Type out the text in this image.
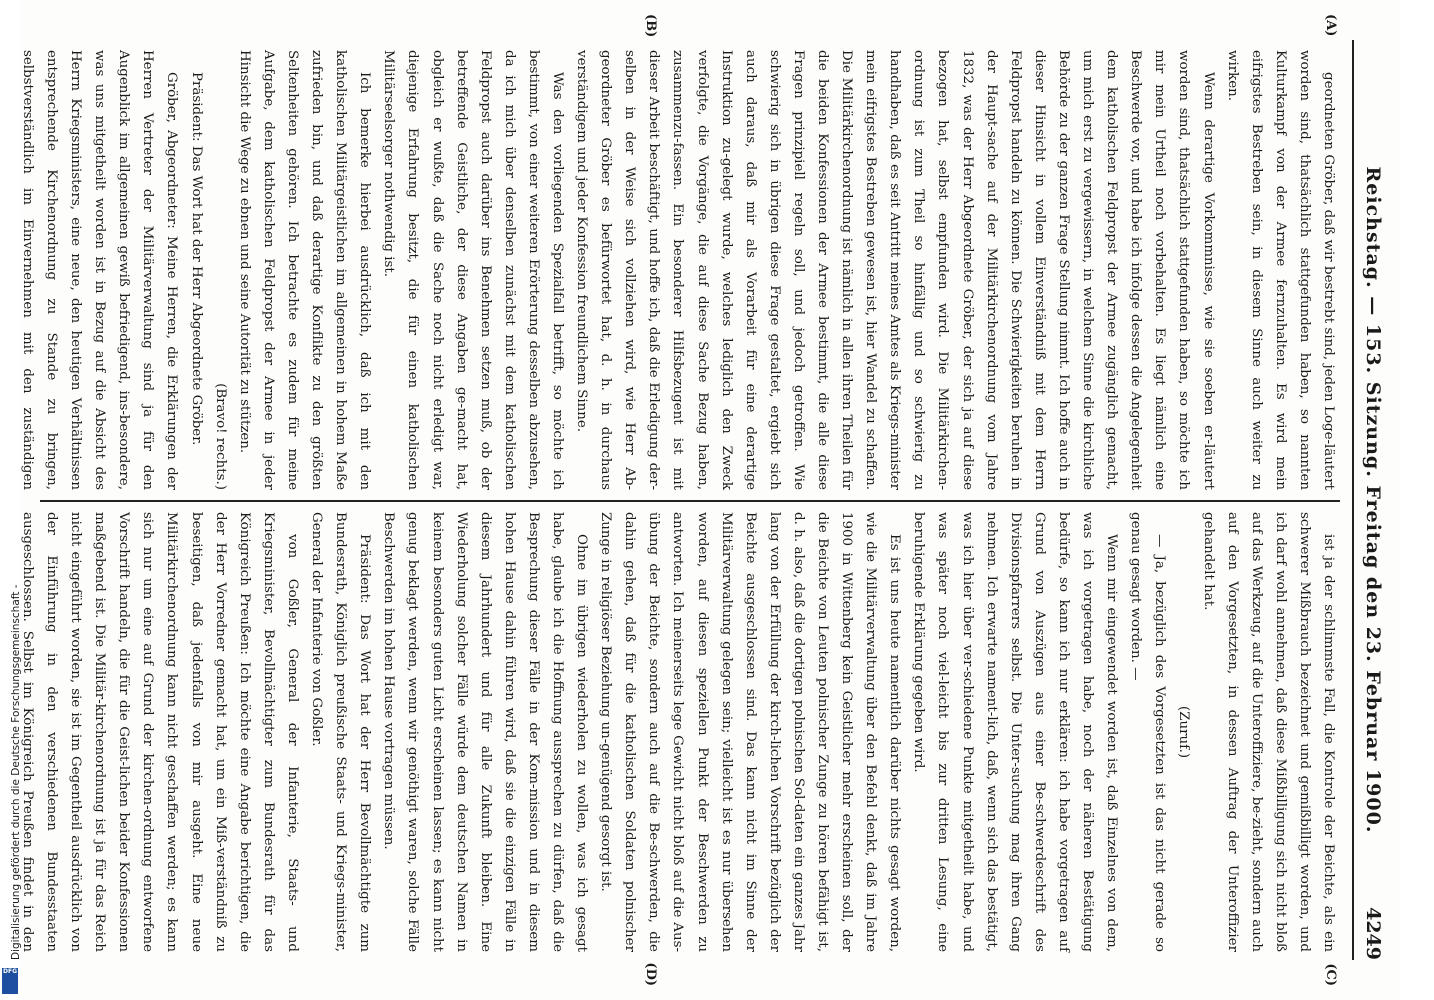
Reichstag. — 153. Sitzung. Freitag den 23. Februar 1900.
4249
(A)
(B)
(C)
(D)

geordneten Gröber, daß wir bestrebt sind, jeden Loge-läutert worden sind, thatsächlich stattgefunden haben, so nannten Kulturkampf von der Armee fernzuhalten. Es wird mein eifrigstes Bestreben sein, in diesem Sinne auch weiter zu wirken.

Wenn derartige Vorkommnisse, wie sie soeben er-läutert worden sind, thatsächlich stattgefunden haben, so möchte ich mir mein Urtheil noch vorbehalten. Es liegt nämlich eine Beschwerde vor, und habe ich infolge dessen die Angelegenheit dem katholischen Feldpropst der Armee zugänglich gemacht, um mich erst zu vergewissern, in welchem Sinne die kirchliche Behörde zu der ganzen Frage Stellung nimmt. Ich hoffe auch in dieser Hinsicht in vollem Einverständniß mit dem Herrn Feldpropst handeln zu können. Die Schwierigkeiten beruhen in der Haupt-sache auf der Militärkirchenordnung vom Jahre 1832, was der Herr Abgeordnete Gröber, der sich ja auf diese bezogen hat, selbst empfunden wird. Die Militärkirchen-ordnung ist zum Theil so hinfällig und so schwierig zu handhaben, daß es seit Antritt meines Amtes als Kriegs-minister mein eifrigstes Bestreben gewesen ist, hier Wandel zu schaffen. Die Militärkirchenordnung ist nämlich in allen ihren Theilen für die beiden Konfessionen der Armee bestimmt, die alle diese Fragen prinzipiell regeln soll, und jedoch getroffen. Wie schwierig sich in übrigen diese Frage gestaltet, ergiebt sich auch daraus, daß mir als Vorarbeit für eine derartige Instruktion zu-gelegt wurde, welches lediglich den Zweck verfolgte, die Vorgänge, die auf diese Sache Bezug haben, zusammenzu-fassen. Ein besonderer Hilfsbezugent ist mit dieser Arbeit beschäftigt, und hoffe ich, daß die Erledigung der-selben in der Weise sich vollziehen wird, wie Herr Ab-geordneter Gröber es befürwortet hat, d. h. in durchaus verständigem und jeder Konfession freundlichem Sinne.

Was den vorliegenden Spezialfall betrifft, so möchte ich bestimmt, von einer weiteren Erörterung desselben abzusehen, da ich mich über denselben zunächst mit dem katholischen Feldpropst auch darüber ins Benehmen setzen muß, ob der betreffende Geistliche, der diese Angaben ge-macht hat, obgleich er wußte, daß die Sache noch nicht erledigt war, diejenige Erfahrung besitzt, die für einen katholischen Militärseelsorger nothwendig ist.

Ich bemerke hierbei ausdrücklich, daß ich mit den katholischen Militärgeistlichen im allgemeinen in hohem Maße zufrieden bin, und daß derartige Konflikte zu den größten Seltenheiten gehören. Ich betrachte es zudem für meine Aufgabe, dem katholischen Feldpropst der Armee in jeder Hinsicht die Wege zu ebnen und seine Autorität zu stützen.

(Bravo! rechts.)

Präsident: Das Wort hat der Herr Abgeordnete Gröber.

Gröber, Abgeordneter: Meine Herren, die Erklärungen der Herren Vertreter der Militärverwaltung sind ja für den Augenblick im allgemeinen gewiß befriedigend, ins-besondere, was uns mitgetheilt worden ist in Bezug auf die Absicht des Herrn Kriegsministers, eine neue, den heutigen Verhältnissen entsprechende Kirchenordnung zu Stande zu bringen, selbstverständlich im Einvernehmen mit den zuständigen

ist ja der schlimmste Fall, die Kontrole der Beichte, als ein schwerer Mißbrauch bezeichnet und gemißbilligt worden, und ich darf wohl annehmen, daß diese Mißbilligung sich nicht bloß auf das Werkzeug, auf die Unteroffiziere, be-zieht, sondern auch auf den Vorgesetzten, in dessen Auftrag der Unteroffizier gehandelt hat.

(Zuruf.)

— Ja, bezüglich des Vorgesetzten ist das nicht gerade so genau gesagt worden. —

Wenn mir eingewendet worden ist, daß Einzelnes von dem, was ich vorgetragen habe, noch der näheren Bestätigung bedürfe, so kann ich nur erklären: ich habe vorgetragen auf Grund von Auszügen aus einer Be-schwerdeschrift des Divisionspfarrers selbst. Die Unter-suchung mag ihren Gang nehmen. Ich erwarte nament-lich, daß, wenn sich das bestätigt, was ich hier über ver-schiedene Punkte mitgetheilt habe, und was später noch viel-leicht bis zur dritten Lesung, eine beruhigende Erklärung gegeben wird.

Es ist uns heute namentlich darüber nichts gesagt worden, wie die Militärverwaltung über den Befehl denkt, daß im Jahre 1900 in Wittenberg kein Geistlicher mehr erscheinen soll, der die Beichte von Leuten polnischer Zunge zu hören befähigt ist, d. h. also, daß die dortigen polnischen Sol-daten ein ganzes Jahr lang von der Erfüllung der kirch-lichen Vorschrift bezüglich der Beichte ausgeschlossen sind. Das kann nicht im Sinne der Militärverwaltung gelegen sein; vielleicht ist es nur übersehen worden, auf diesen speziellen Punkt der Beschwerden zu antworten. Ich meinerseits lege Gewicht nicht bloß auf die Aus-übung der Beichte, sondern auch auf die Be-schwerden, die dahin gehen, daß für die katholischen Soldaten polnischer Zunge in religiöser Beziehung un-genügend gesorgt ist.

Ohne im übrigen wiederholen zu wollen, was ich gesagt habe, glaube ich die Hoffnung aussprechen zu dürfen, daß die Besprechung dieser Fälle in der Kom-mission und in diesem hohen Hause dahin führen wird, daß sie die einzigen Fälle in diesem Jahrhundert und für alle Zukunft bleiben. Eine Wiederholung solcher Fälle würde dem deutschen Namen in keinem besonders guten Licht erscheinen lassen; es kann nicht genug beklagt werden, wenn wir genöthigt waren, solche Fälle Beschwerden im hohen Hause vortragen müssen.

Präsident: Das Wort hat der Herr Bevollmächtigte zum Bundesrath, Königlich preußische Staats- und Kriegs-minister, General der Infanterie von Goßler.

von Goßler, General der Infanterie, Staats- und Kriegsminister, Bevollmächtigter zum Bundesrath für das Königreich Preußen: Ich möchte eine Angabe berichtigen, die der Herr Vorredner gemacht hat, um ein Miß-verständniß zu beseitigen, daß jedenfalls von mir ausgeht. Eine neue Militärkirchenordnung kann nicht geschaffen werden; es kann sich nur um eine auf Grund der kirchen-ordnung entworfene Vorschrift handeln, die für die Geist-lichen beider Konfessionen maßgebend ist. Die Militär-kirchenordnung ist ja für das Reich nicht eingeführt worden, sie ist im Gegentheil ausdrücklich von der Einführung in den verschiedenen Bundesstaaten ausgeschlossen. Selbst im Königreich Preußen findet in den

Digitalisierung gefördert durch die Deutsche Forschungsgemeinschaft -
DFG
